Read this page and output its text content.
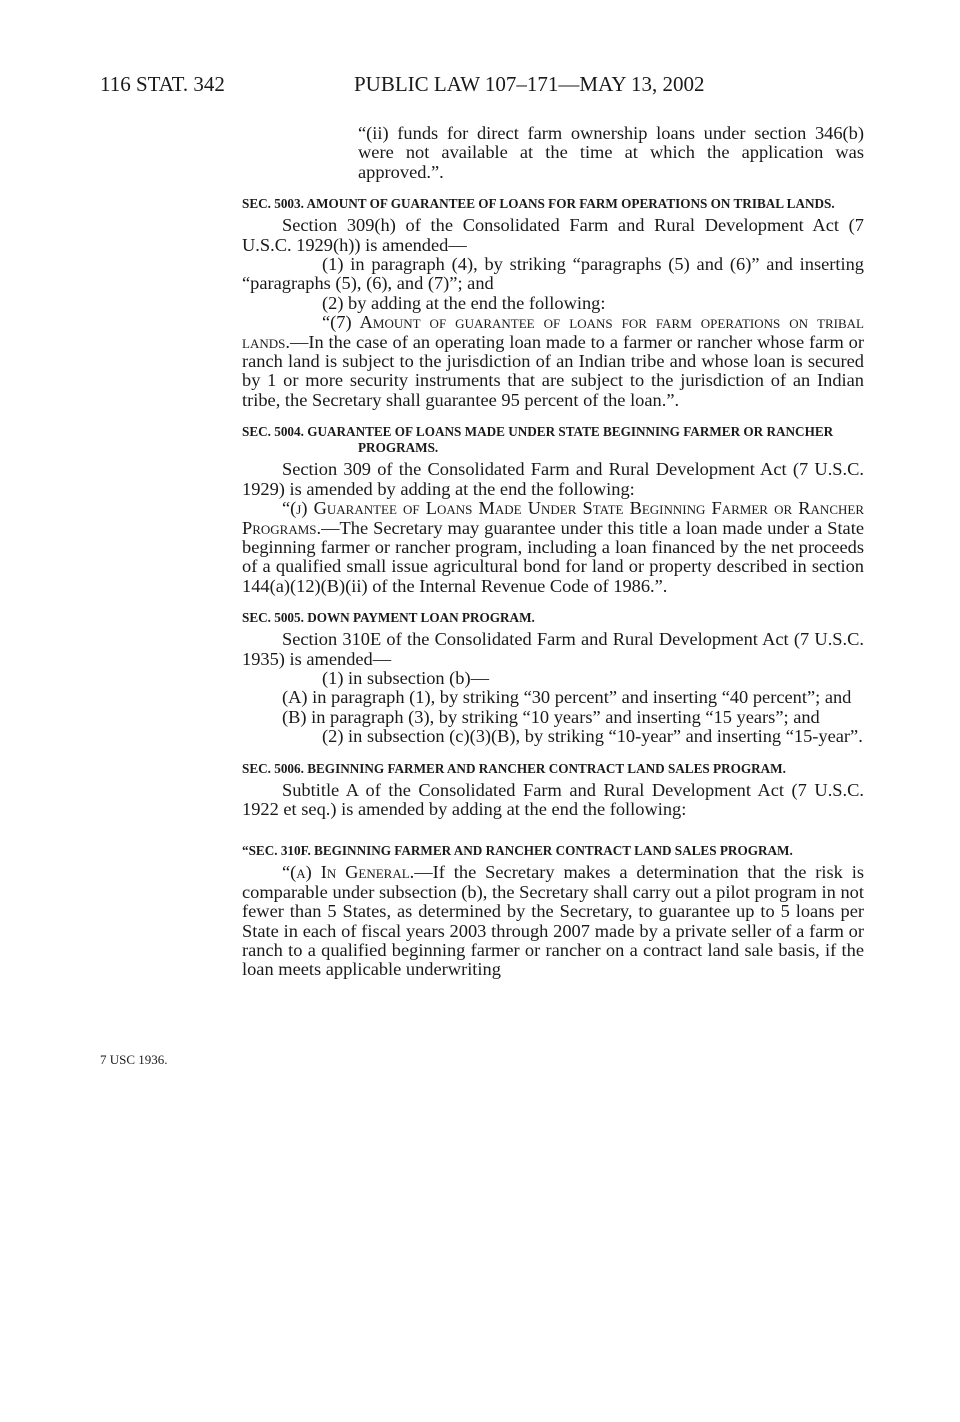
116 STAT. 342	PUBLIC LAW 107–171—MAY 13, 2002
7 USC 1936.

“(ii) funds for direct farm ownership loans under section 346(b) were not available at the time at which the application was approved.”.

SEC. 5003. AMOUNT OF GUARANTEE OF LOANS FOR FARM OPERATIONS ON TRIBAL LANDS.

Section 309(h) of the Consolidated Farm and Rural Development Act (7 U.S.C. 1929(h)) is amended—

(1) in paragraph (4), by striking “paragraphs (5) and (6)” and inserting “paragraphs (5), (6), and (7)”; and

(2) by adding at the end the following:

“(7) Amount of guarantee of loans for farm operations on tribal lands.—In the case of an operating loan made to a farmer or rancher whose farm or ranch land is subject to the jurisdiction of an Indian tribe and whose loan is secured by 1 or more security instruments that are subject to the jurisdiction of an Indian tribe, the Secretary shall guarantee 95 percent of the loan.”.

SEC. 5004. GUARANTEE OF LOANS MADE UNDER STATE BEGINNING FARMER OR RANCHER PROGRAMS.

Section 309 of the Consolidated Farm and Rural Development Act (7 U.S.C. 1929) is amended by adding at the end the following:

“(j) Guarantee of Loans Made Under State Beginning Farmer or Rancher Programs.—The Secretary may guarantee under this title a loan made under a State beginning farmer or rancher program, including a loan financed by the net proceeds of a qualified small issue agricultural bond for land or property described in section 144(a)(12)(B)(ii) of the Internal Revenue Code of 1986.”.

SEC. 5005. DOWN PAYMENT LOAN PROGRAM.

Section 310E of the Consolidated Farm and Rural Development Act (7 U.S.C. 1935) is amended—

(1) in subsection (b)—

(A) in paragraph (1), by striking “30 percent” and inserting “40 percent”; and

(B) in paragraph (3), by striking “10 years” and inserting “15 years”; and

(2) in subsection (c)(3)(B), by striking “10-year” and inserting “15-year”.

SEC. 5006. BEGINNING FARMER AND RANCHER CONTRACT LAND SALES PROGRAM.

Subtitle A of the Consolidated Farm and Rural Development Act (7 U.S.C. 1922 et seq.) is amended by adding at the end the following:

“SEC. 310F. BEGINNING FARMER AND RANCHER CONTRACT LAND SALES PROGRAM.

“(a) In General.—If the Secretary makes a determination that the risk is comparable under subsection (b), the Secretary shall carry out a pilot program in not fewer than 5 States, as determined by the Secretary, to guarantee up to 5 loans per State in each of fiscal years 2003 through 2007 made by a private seller of a farm or ranch to a qualified beginning farmer or rancher on a contract land sale basis, if the loan meets applicable underwriting
